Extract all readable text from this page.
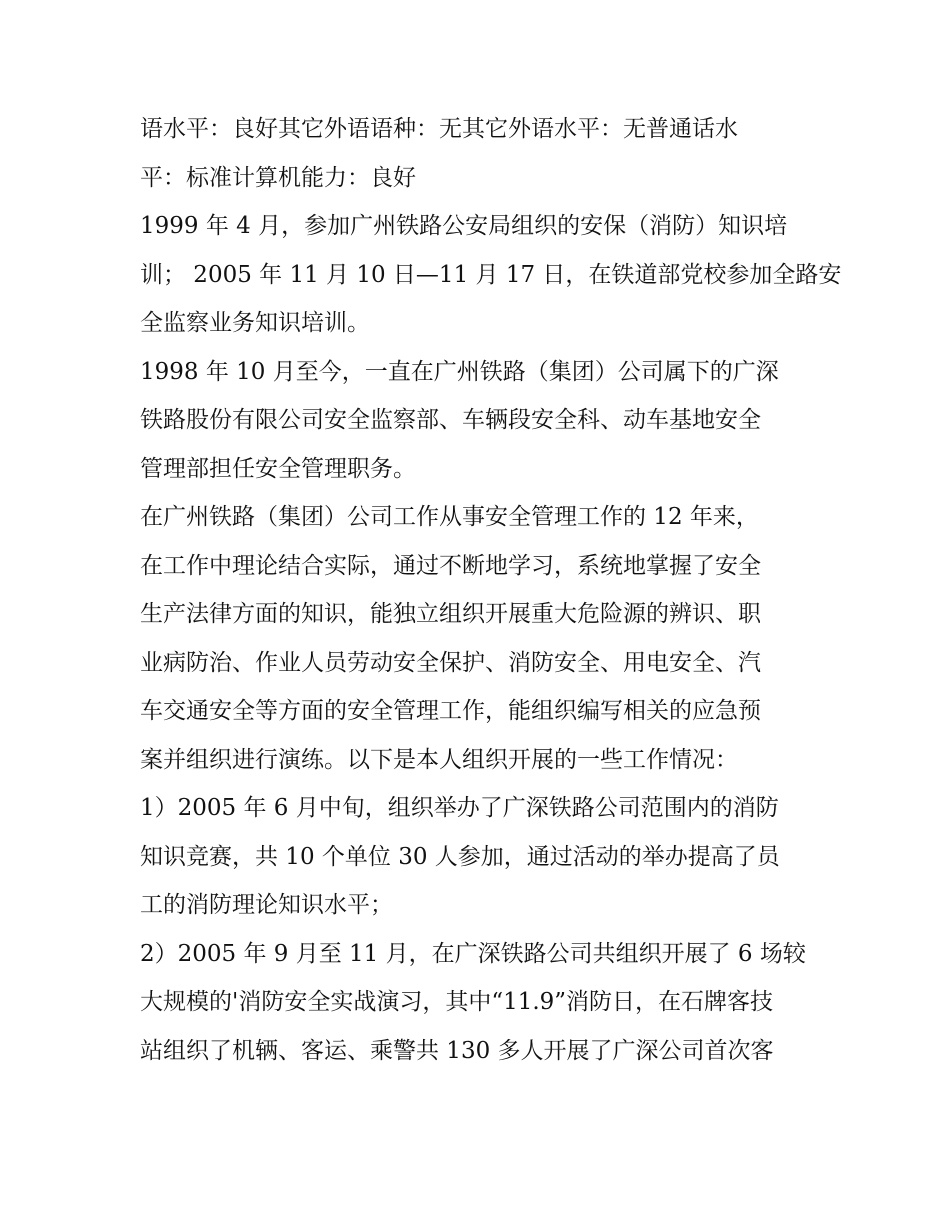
语水平：良好其它外语语种：无其它外语水平：无普通话水
平：标准计算机能力：良好
1999 年 4 月，参加广州铁路公安局组织的安保（消防）知识培
训； 2005 年 11 月 10 日—11 月 17 日，在铁道部党校参加全路安
全监察业务知识培训。
1998 年 10 月至今，一直在广州铁路（集团）公司属下的广深
铁路股份有限公司安全监察部、车辆段安全科、动车基地安全
管理部担任安全管理职务。
在广州铁路（集团）公司工作从事安全管理工作的 12 年来，
在工作中理论结合实际，通过不断地学习，系统地掌握了安全
生产法律方面的知识，能独立组织开展重大危险源的辨识、职
业病防治、作业人员劳动安全保护、消防安全、用电安全、汽
车交通安全等方面的安全管理工作，能组织编写相关的应急预
案并组织进行演练。以下是本人组织开展的一些工作情况：
1）2005 年 6 月中旬，组织举办了广深铁路公司范围内的消防
知识竞赛，共 10 个单位 30 人参加，通过活动的举办提高了员
工的消防理论知识水平；
2）2005 年 9 月至 11 月，在广深铁路公司共组织开展了 6 场较
大规模的'消防安全实战演习，其中“11.9”消防日，在石牌客技
站组织了机辆、客运、乘警共 130 多人开展了广深公司首次客
